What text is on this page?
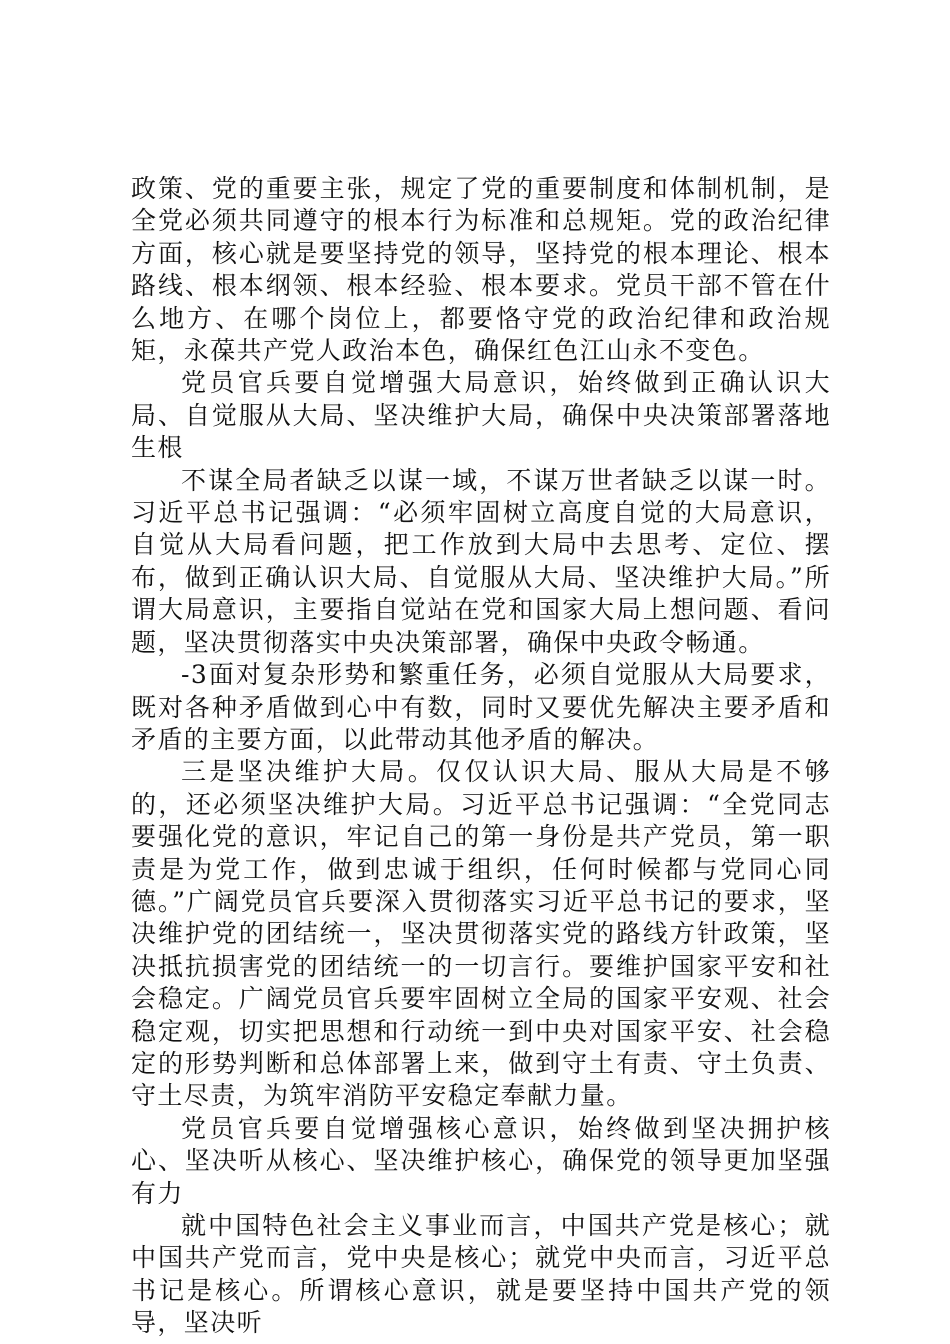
政策、党的重要主张，规定了党的重要制度和体制机制，是全党必须共同遵守的根本行为标准和总规矩。党的政治纪律方面，核心就是要坚持党的领导，坚持党的根本理论、根本路线、根本纲领、根本经验、根本要求。党员干部不管在什么地方、在哪个岗位上，都要恪守党的政治纪律和政治规矩，永葆共产党人政治本色，确保红色江山永不变色。

党员官兵要自觉增强大局意识，始终做到正确认识大局、自觉服从大局、坚决维护大局，确保中央决策部署落地生根

不谋全局者缺乏以谋一域，不谋万世者缺乏以谋一时。习近平总书记强调：“必须牢固树立高度自觉的大局意识，自觉从大局看问题，把工作放到大局中去思考、定位、摆布，做到正确认识大局、自觉服从大局、坚决维护大局。”所谓大局意识，主要指自觉站在党和国家大局上想问题、看问题，坚决贯彻落实中央决策部署，确保中央政令畅通。

-3面对复杂形势和繁重任务，必须自觉服从大局要求，既对各种矛盾做到心中有数，同时又要优先解决主要矛盾和矛盾的主要方面，以此带动其他矛盾的解决。

三是坚决维护大局。仅仅认识大局、服从大局是不够的，还必须坚决维护大局。习近平总书记强调：“全党同志要强化党的意识，牢记自己的第一身份是共产党员，第一职责是为党工作，做到忠诚于组织，任何时候都与党同心同德。”广阔党员官兵要深入贯彻落实习近平总书记的要求，坚决维护党的团结统一，坚决贯彻落实党的路线方针政策，坚决抵抗损害党的团结统一的一切言行。要维护国家平安和社会稳定。广阔党员官兵要牢固树立全局的国家平安观、社会稳定观，切实把思想和行动统一到中央对国家平安、社会稳定的形势判断和总体部署上来，做到守土有责、守土负责、守土尽责，为筑牢消防平安稳定奉献力量。

党员官兵要自觉增强核心意识，始终做到坚决拥护核心、坚决听从核心、坚决维护核心，确保党的领导更加坚强有力

就中国特色社会主义事业而言，中国共产党是核心；就中国共产党而言，党中央是核心；就党中央而言，习近平总书记是核心。所谓核心意识，就是要坚持中国共产党的领导，坚决听
